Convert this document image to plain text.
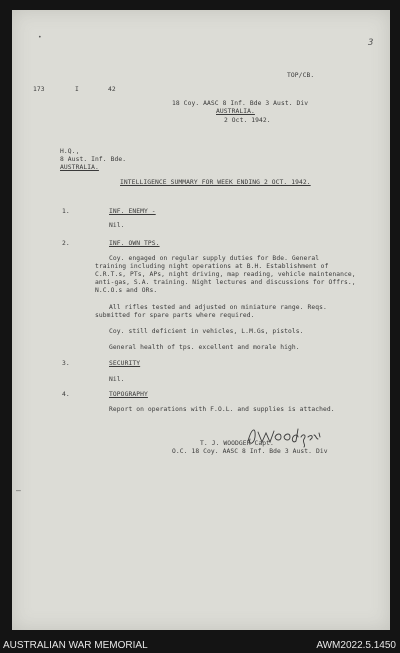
3
•
—
TOP/CB.
173	I	42
18 Coy. AASC 8 Inf. Bde 3 Aust. Div
AUSTRALIA.
2 Oct. 1942.
H.Q.,
8 Aust. Inf. Bde.
AUSTRALIA.
INTELLIGENCE SUMMARY FOR WEEK ENDING 2 OCT. 1942.
1.	INF. ENEMY -
Nil.
2.	INF. OWN TPS.
Coy. engaged on regular supply duties for Bde. General
training including night operations at B.H. Establishment of
C.R.T.s, PTs, APs, night driving, map reading, vehicle maintenance,
anti-gas, S.A. training. Night lectures and discussions for Offrs.,
N.C.O.s and ORs.
All rifles tested and adjusted on miniature range. Reqs.
submitted for spare parts where required.
Coy. still deficient in vehicles, L.M.Gs, pistols.
General health of tps. excellent and morale high.
3.	SECURITY
Nil.
4.	TOPOGRAPHY
Report on operations with F.O.L. and supplies is attached.
T. J. WOODGER Capt.
O.C. 18 Coy. AASC 8 Inf. Bde 3 Aust. Div
AUSTRALIAN WAR MEMORIAL	AWM2022.5.1450
